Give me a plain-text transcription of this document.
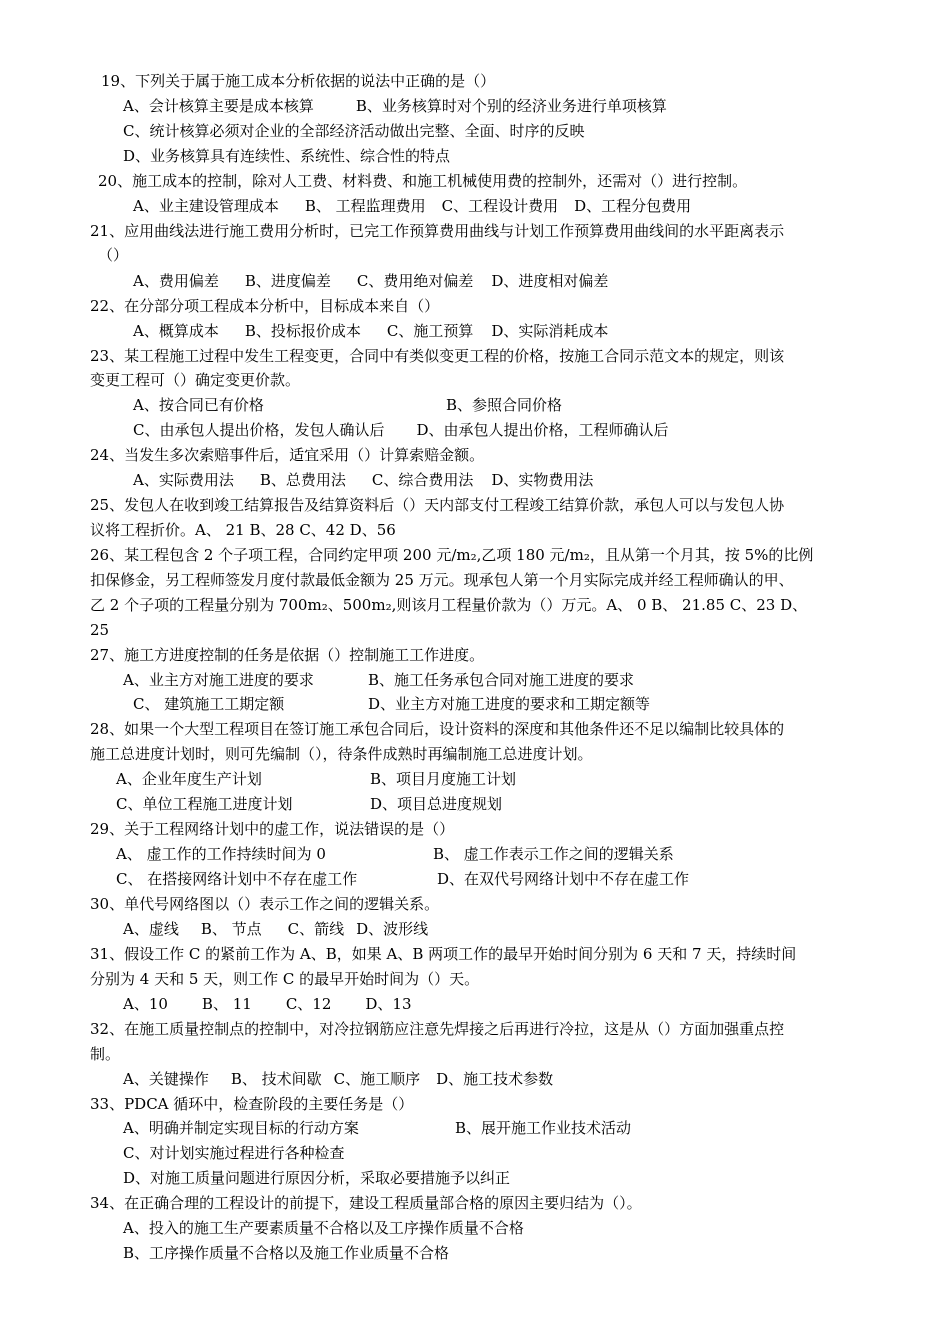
19、下列关于属于施工成本分析依据的说法中正确的是（）
A、会计核算主要是成本核算	B、业务核算时对个别的经济业务进行单项核算
C、统计核算必须对企业的全部经济活动做出完整、全面、时序的反映
D、业务核算具有连续性、系统性、综合性的特点
20、施工成本的控制，除对人工费、材料费、和施工机械使用费的控制外，还需对（）进行控制。
A、业主建设管理成本 B、 工程监理费用 C、工程设计费用 D、工程分包费用
21、应用曲线法进行施工费用分析时，已完工作预算费用曲线与计划工作预算费用曲线间的水平距离表示
（）
A、费用偏差 B、进度偏差 C、费用绝对偏差 D、进度相对偏差
22、在分部分项工程成本分析中，目标成本来自（）
A、概算成本 B、投标报价成本 C、施工预算 D、实际消耗成本
23、某工程施工过程中发生工程变更，合同中有类似变更工程的价格，按施工合同示范文本的规定，则该
变更工程可（）确定变更价款。
A、按合同已有价格	B、参照合同价格
C、由承包人提出价格，发包人确认后 D、由承包人提出价格，工程师确认后
24、当发生多次索赔事件后，适宜采用（）计算索赔金额。
A、实际费用法 B、总费用法 C、综合费用法 D、实物费用法
25、发包人在收到竣工结算报告及结算资料后（）天内部支付工程竣工结算价款，承包人可以与发包人协
议将工程折价。A、 21 B、28 C、42 D、56
26、某工程包含 2 个子项工程，合同约定甲项 200 元/m₂,乙项 180 元/m₂，且从第一个月其，按 5%的比例
扣保修金，另工程师签发月度付款最低金额为 25 万元。现承包人第一个月实际完成并经工程师确认的甲、
乙 2 个子项的工程量分别为 700m₂、500m₂,则该月工程量价款为（）万元。A、 0 B、 21.85 C、23 D、
25
27、施工方进度控制的任务是依据（）控制施工工作进度。
A、业主方对施工进度的要求	B、施工任务承包合同对施工进度的要求
C、 建筑施工工期定额	D、业主方对施工进度的要求和工期定额等
28、如果一个大型工程项目在签订施工承包合同后，设计资料的深度和其他条件还不足以编制比较具体的
施工总进度计划时，则可先编制（），待条件成熟时再编制施工总进度计划。
A、企业年度生产计划	B、项目月度施工计划
C、单位工程施工进度计划	D、项目总进度规划
29、关于工程网络计划中的虚工作，说法错误的是（）
A、 虚工作的工作持续时间为 0	B、 虚工作表示工作之间的逻辑关系
C、 在搭接网络计划中不存在虚工作	D、在双代号网络计划中不存在虚工作
30、单代号网络图以（）表示工作之间的逻辑关系。
A、虚线 B、 节点 C、箭线 D、波形线
31、假设工作 C 的紧前工作为 A、B，如果 A、B 两项工作的最早开始时间分别为 6 天和 7 天，持续时间
分别为 4 天和 5 天，则工作 C 的最早开始时间为（）天。
A、10 B、 11 C、12 D、13
32、在施工质量控制点的控制中，对冷拉钢筋应注意先焊接之后再进行冷拉，这是从（）方面加强重点控
制。
A、关键操作 B、 技术间歇 C、施工顺序 D、施工技术参数
33、PDCA 循环中，检查阶段的主要任务是（）
A、明确并制定实现目标的行动方案	B、展开施工作业技术活动
C、对计划实施过程进行各种检查
D、对施工质量问题进行原因分析，采取必要措施予以纠正
34、在正确合理的工程设计的前提下，建设工程质量部合格的原因主要归结为（）。
A、投入的施工生产要素质量不合格以及工序操作质量不合格
B、工序操作质量不合格以及施工作业质量不合格
